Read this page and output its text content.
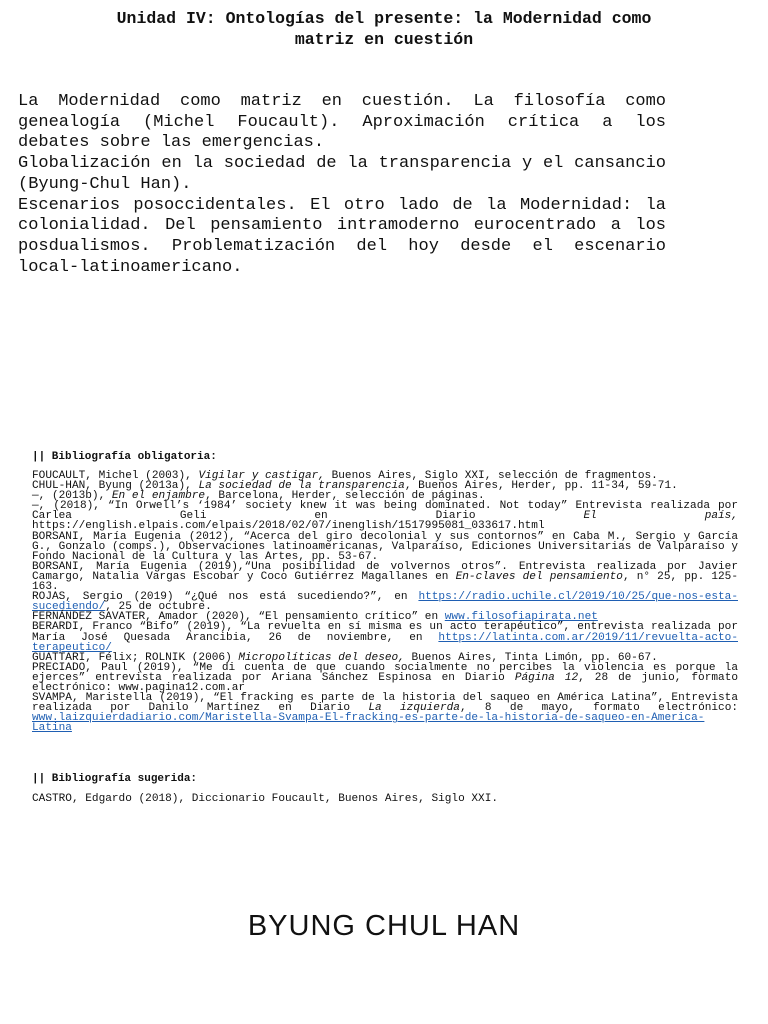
Unidad IV: Ontologías del presente: la Modernidad como
matriz en cuestión

La Modernidad como matriz en cuestión. La filosofía como genealogía (Michel Foucault). Aproximación crítica a los debates sobre las emergencias.

Globalización en la sociedad de la transparencia y el cansancio (Byung-Chul Han).

Escenarios posoccidentales. El otro lado de la Modernidad: la colonialidad. Del pensamiento intramoderno eurocentrado a los posdualismos. Problematización del hoy desde el escenario local-latinoamericano.

|| Bibliografía obligatoria:

FOUCAULT, Michel (2003), Vigilar y castigar, Buenos Aires, Siglo XXI, selección de fragmentos.

CHUL-HAN, Byung (2013a), La sociedad de la transparencia, Buenos Aires, Herder, pp. 11-34, 59-71.

—, (2013b), En el enjambre, Barcelona, Herder, selección de páginas.

—, (2018), “In Orwell’s ‘1984’ society knew it was being dominated. Not today” Entrevista realizada por Carlea Geli en Diario El país, https://english.elpais.com/elpais/2018/02/07/inenglish/1517995081_033617.html

BORSANI, María Eugenia (2012), “Acerca del giro decolonial y sus contornos” en Caba M., Sergio y García G., Gonzalo (comps.), Observaciones latinoamericanas, Valparaíso, Ediciones Universitarias de Valparaíso y Fondo Nacional de la Cultura y las Artes, pp. 53-67.

BORSANI, María Eugenia (2019),“Una posibilidad de volvernos otros”. Entrevista realizada por Javier Camargo, Natalia Vargas Escobar y Coco Gutiérrez Magallanes en En-claves del pensamiento, n° 25, pp. 125-163.

ROJAS, Sergio (2019) “¿Qué nos está sucediendo?”, en https://radio.uchile.cl/2019/10/25/que-nos-esta-sucediendo/, 25 de octubre.

FERNÁNDEZ SAVATER, Amador (2020), “El pensamiento crítico” en www.filosofiapirata.net

BERARDI, Franco “Bifo” (2019), “La revuelta en sí misma es un acto terapéutico”, entrevista realizada por María José Quesada Arancibia, 26 de noviembre, en https://latinta.com.ar/2019/11/revuelta-acto-terapeutico/

GUATTARI, Félix; ROLNIK (2006) Micropolíticas del deseo, Buenos Aires, Tinta Limón, pp. 60-67.

PRECIADO, Paul (2019), “Me di cuenta de que cuando socialmente no percibes la violencia es porque la ejerces” entrevista realizada por Ariana Sánchez Espinosa en Diario Página 12, 28 de junio, formato electrónico: www.pagina12.com.ar

SVAMPA, Maristella (2019), “El fracking es parte de la historia del saqueo en América Latina”, Entrevista realizada por Danilo Martínez en Diario La izquierda, 8 de mayo, formato electrónico: www.laizquierdadiario.com/Maristella-Svampa-El-fracking-es-parte-de-la-historia-de-saqueo-en-America-Latina

|| Bibliografía sugerida:

CASTRO, Edgardo (2018), Diccionario Foucault, Buenos Aires, Siglo XXI.

BYUNG CHUL HAN
